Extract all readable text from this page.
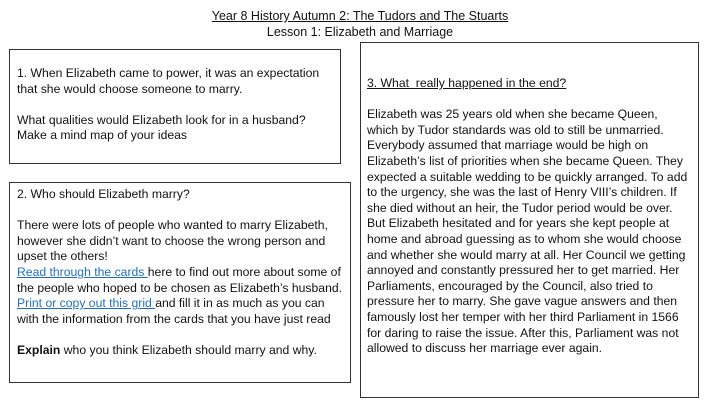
Year 8 History Autumn 2: The Tudors and The Stuarts
Lesson 1: Elizabeth and Marriage

1. When Elizabeth came to power, it was an expectation that she would choose someone to marry.

What qualities would Elizabeth look for in a husband? Make a mind map of your ideas

2. Who should Elizabeth marry?

There were lots of people who wanted to marry Elizabeth, however she didn’t want to choose the wrong person and upset the others!

Read through the cards here to find out more about some of the people who hoped to be chosen as Elizabeth’s husband.

Print or copy out this grid and fill it in as much as you can with the information from the cards that you have just read

Explain who you think Elizabeth should marry and why.

3. What  really happened in the end?

Elizabeth was 25 years old when she became Queen, which by Tudor standards was old to still be unmarried. Everybody assumed that marriage would be high on Elizabeth’s list of priorities when she became Queen. They expected a suitable wedding to be quickly arranged. To add to the urgency, she was the last of Henry VIII’s children. If she died without an heir, the Tudor period would be over. But Elizabeth hesitated and for years she kept people at home and abroad guessing as to whom she would choose and whether she would marry at all. Her Council we getting annoyed and constantly pressured her to get married. Her Parliaments, encouraged by the Council, also tried to pressure her to marry. She gave vague answers and then famously lost her temper with her third Parliament in 1566 for daring to raise the issue. After this, Parliament was not allowed to discuss her marriage ever again.
